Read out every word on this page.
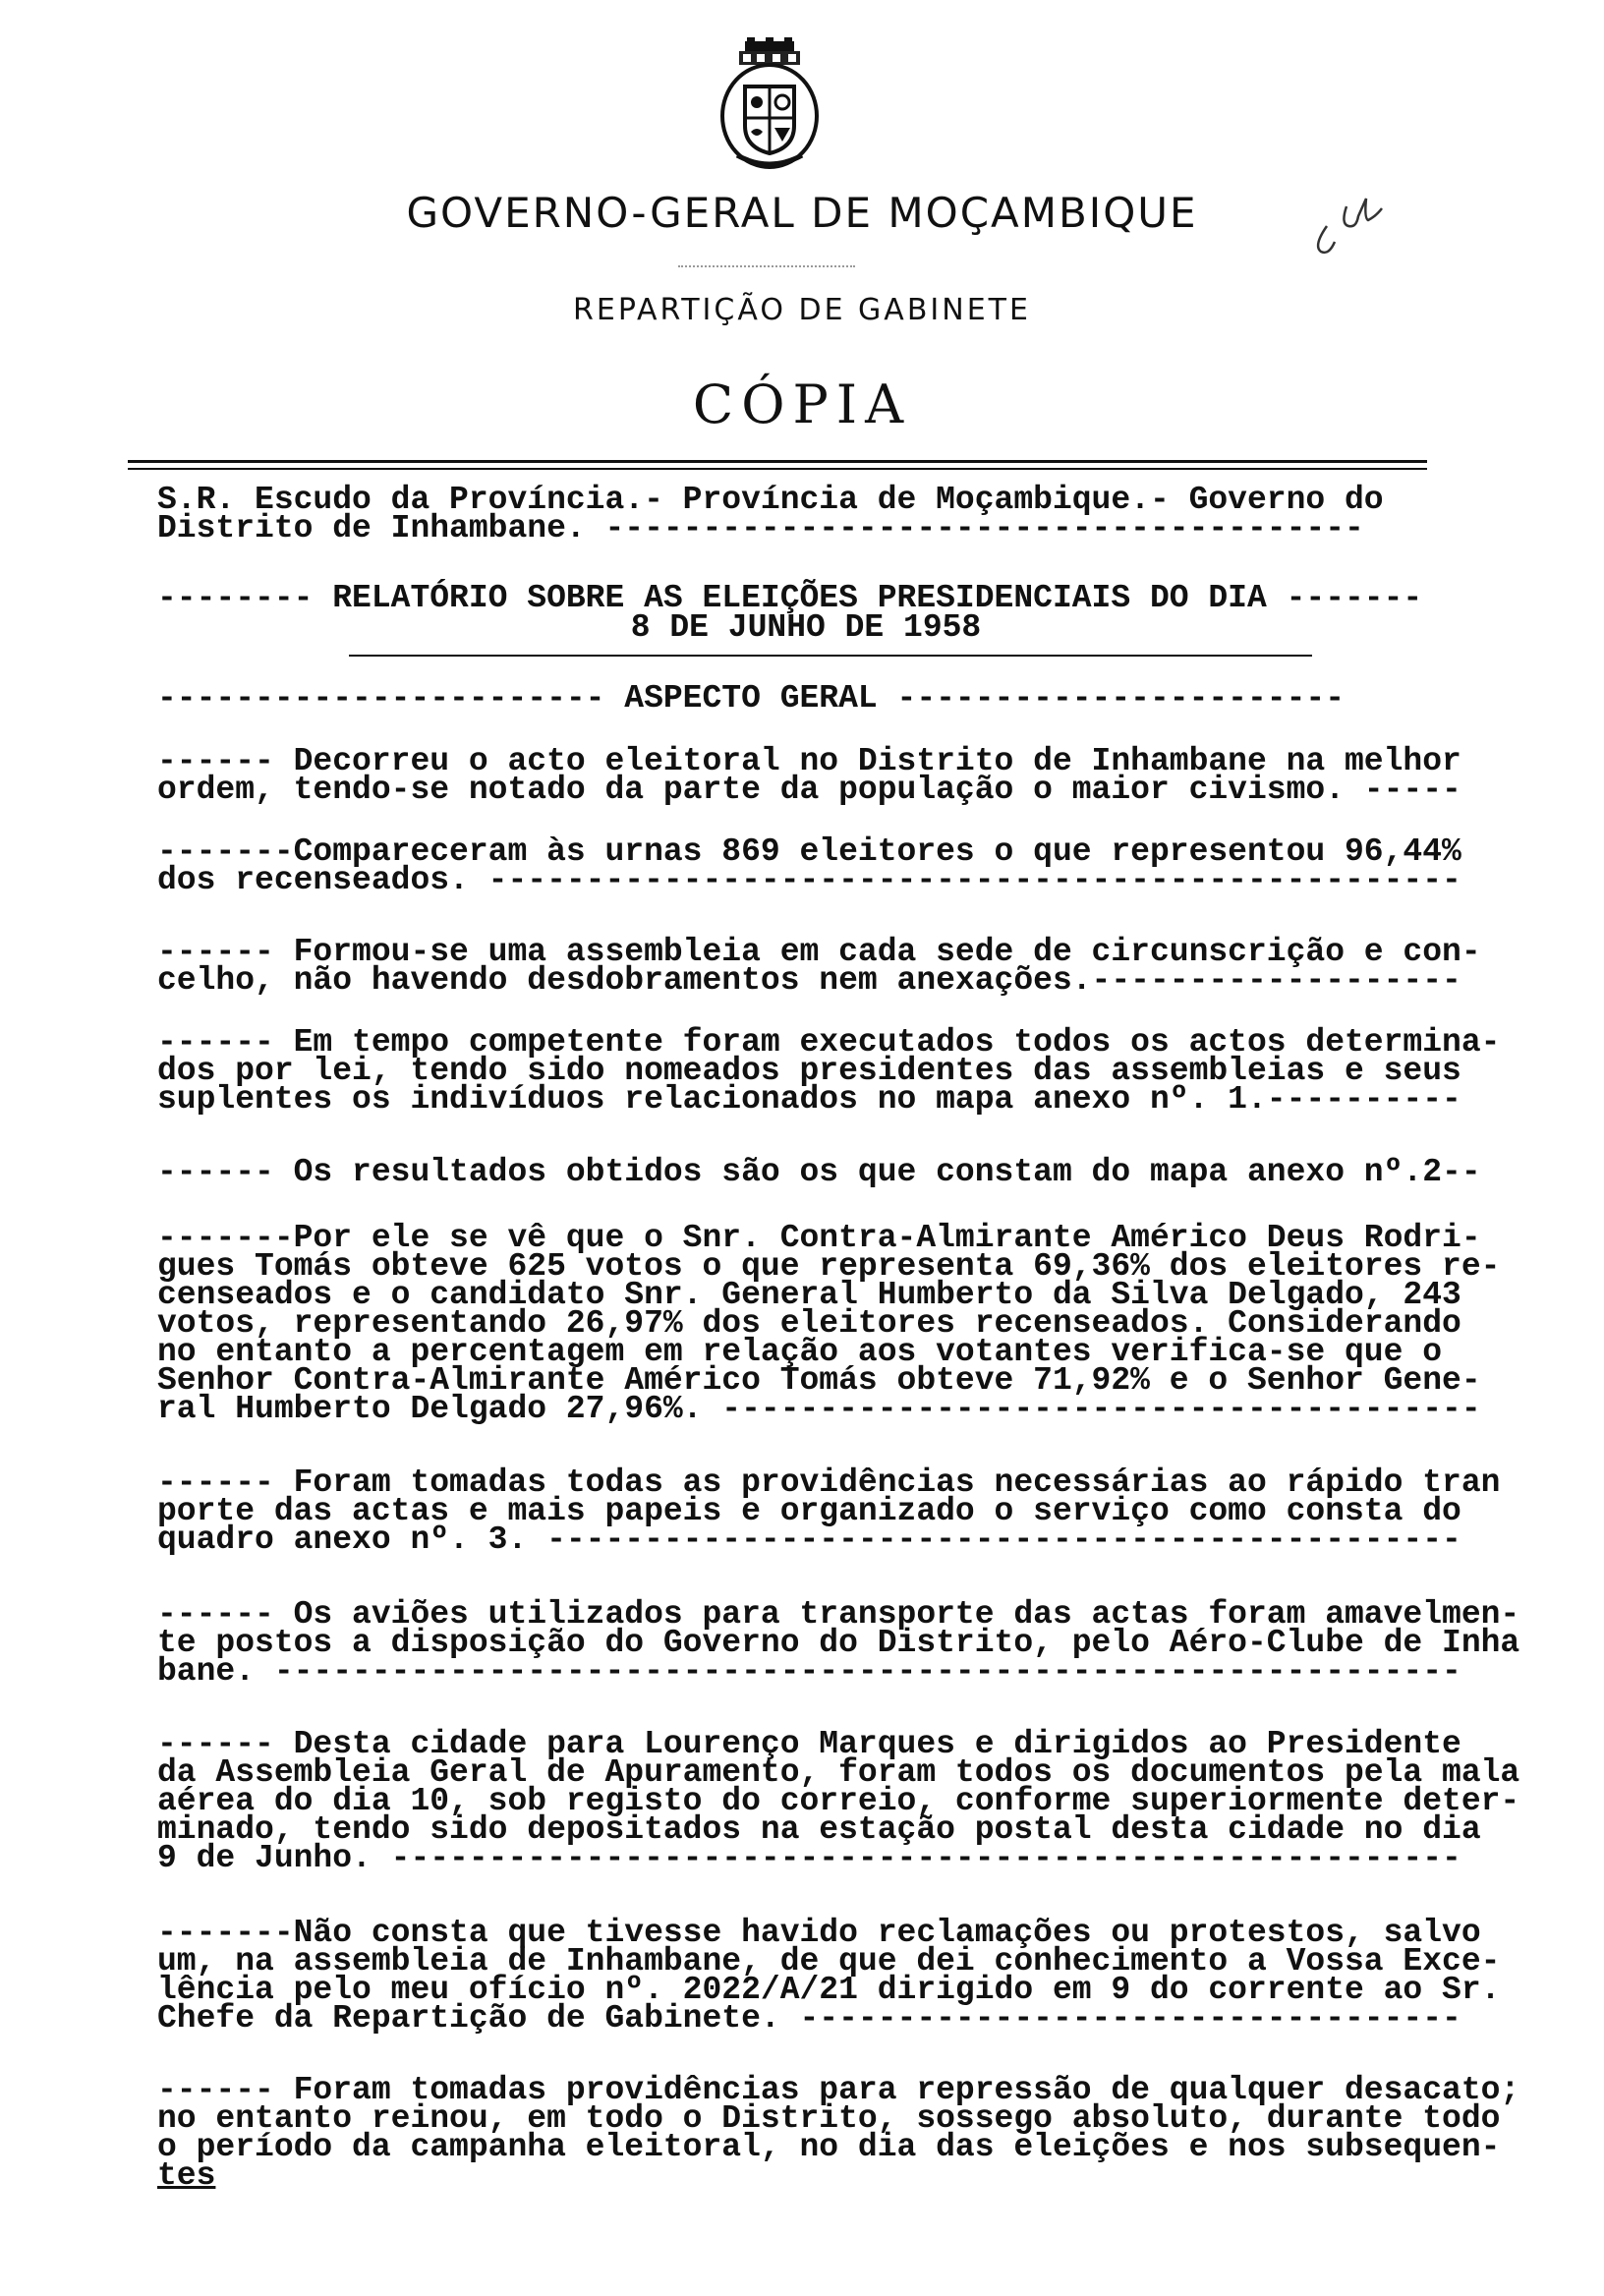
GOVERNO-GERAL DE MOÇAMBIQUE
REPARTIÇÃO DE GABINETE
CÓPIA
S.R. Escudo da Província.- Província de Moçambique.- Governo do
Distrito de Inhambane. ---------------------------------------
-------- RELATÓRIO SOBRE AS ELEIÇÕES PRESIDENCIAIS DO DIA -------
8 DE JUNHO DE 1958
----------------------- ASPECTO GERAL -----------------------
------ Decorreu o acto eleitoral no Distrito de Inhambane na melhor
ordem, tendo-se notado da parte da população o maior civismo. -----
-------Compareceram às urnas 869 eleitores o que representou 96,44%
dos recenseados. --------------------------------------------------
------ Formou-se uma assembleia em cada sede de circunscrição e con-
celho, não havendo desdobramentos nem anexações.-------------------
------ Em tempo competente foram executados todos os actos determina-
dos por lei, tendo sido nomeados presidentes das assembleias e seus
suplentes os indivíduos relacionados no mapa anexo nº. 1.----------
------ Os resultados obtidos são os que constam do mapa anexo nº.2--
-------Por ele se vê que o Snr. Contra-Almirante Américo Deus Rodri-
gues Tomás obteve 625 votos o que representa 69,36% dos eleitores re-
censeados e o candidato Snr. General Humberto da Silva Delgado, 243
votos, representando 26,97% dos eleitores recenseados. Considerando
no entanto a percentagem em relação aos votantes verifica-se que o
Senhor Contra-Almirante Américo Tomás obteve 71,92% e o Senhor Gene-
ral Humberto Delgado 27,96%. ---------------------------------------
------ Foram tomadas todas as providências necessárias ao rápido tran
porte das actas e mais papeis e organizado o serviço como consta do
quadro anexo nº. 3. -----------------------------------------------
------ Os aviões utilizados para transporte das actas foram amavelmen-
te postos a disposição do Governo do Distrito, pelo Aéro-Clube de Inha
bane. -------------------------------------------------------------
------ Desta cidade para Lourenço Marques e dirigidos ao Presidente
da Assembleia Geral de Apuramento, foram todos os documentos pela mala
aérea do dia 10, sob registo do correio, conforme superiormente deter-
minado, tendo sido depositados na estação postal desta cidade no dia
9 de Junho. -------------------------------------------------------
-------Não consta que tivesse havido reclamações ou protestos, salvo
um, na assembleia de Inhambane, de que dei conhecimento a Vossa Exce-
lência pelo meu ofício nº. 2022/A/21 dirigido em 9 do corrente ao Sr.
Chefe da Repartição de Gabinete. ----------------------------------
------ Foram tomadas providências para repressão de qualquer desacato;
no entanto reinou, em todo o Distrito, sossego absoluto, durante todo
o período da campanha eleitoral, no dia das eleições e nos subsequen-
tes
